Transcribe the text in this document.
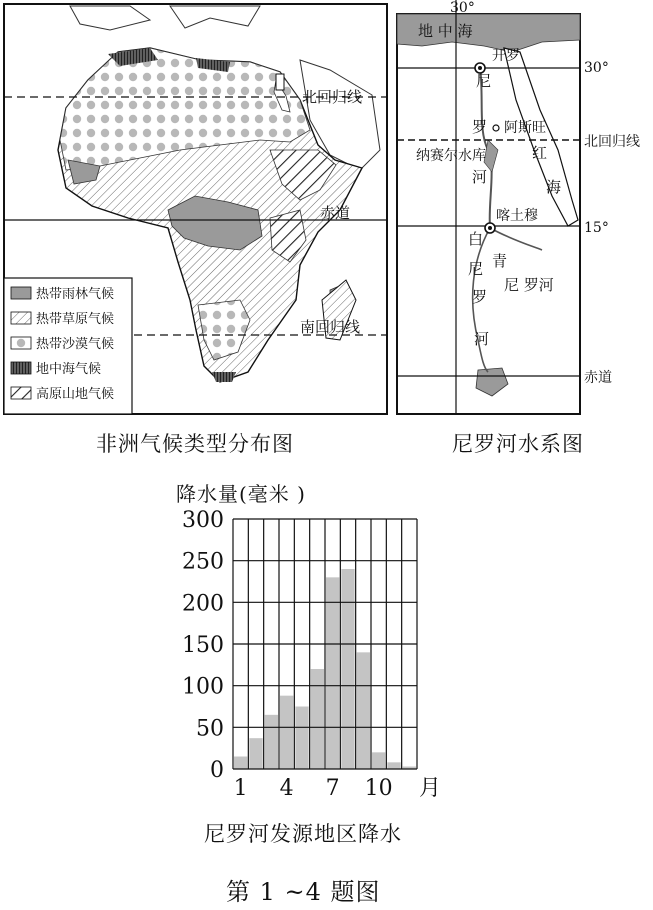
北回归线
赤道
南回归线
热带雨林气候
热带草原气候
热带沙漠气候
地中海气候
高原山地气候
非洲气候类型分布图
地 中 海
30°
30°
北回归线
15°
赤道
开罗
阿斯旺
纳赛尔水库
喀土穆
红
海
尼
罗
河
白
尼
罗
河
青
尼 罗河
尼罗河水系图
降水量(毫米 )
0
50
100
150
200
250
300
1 4 7 10 月
尼罗河发源地区降水
第 1 ~4 题图
